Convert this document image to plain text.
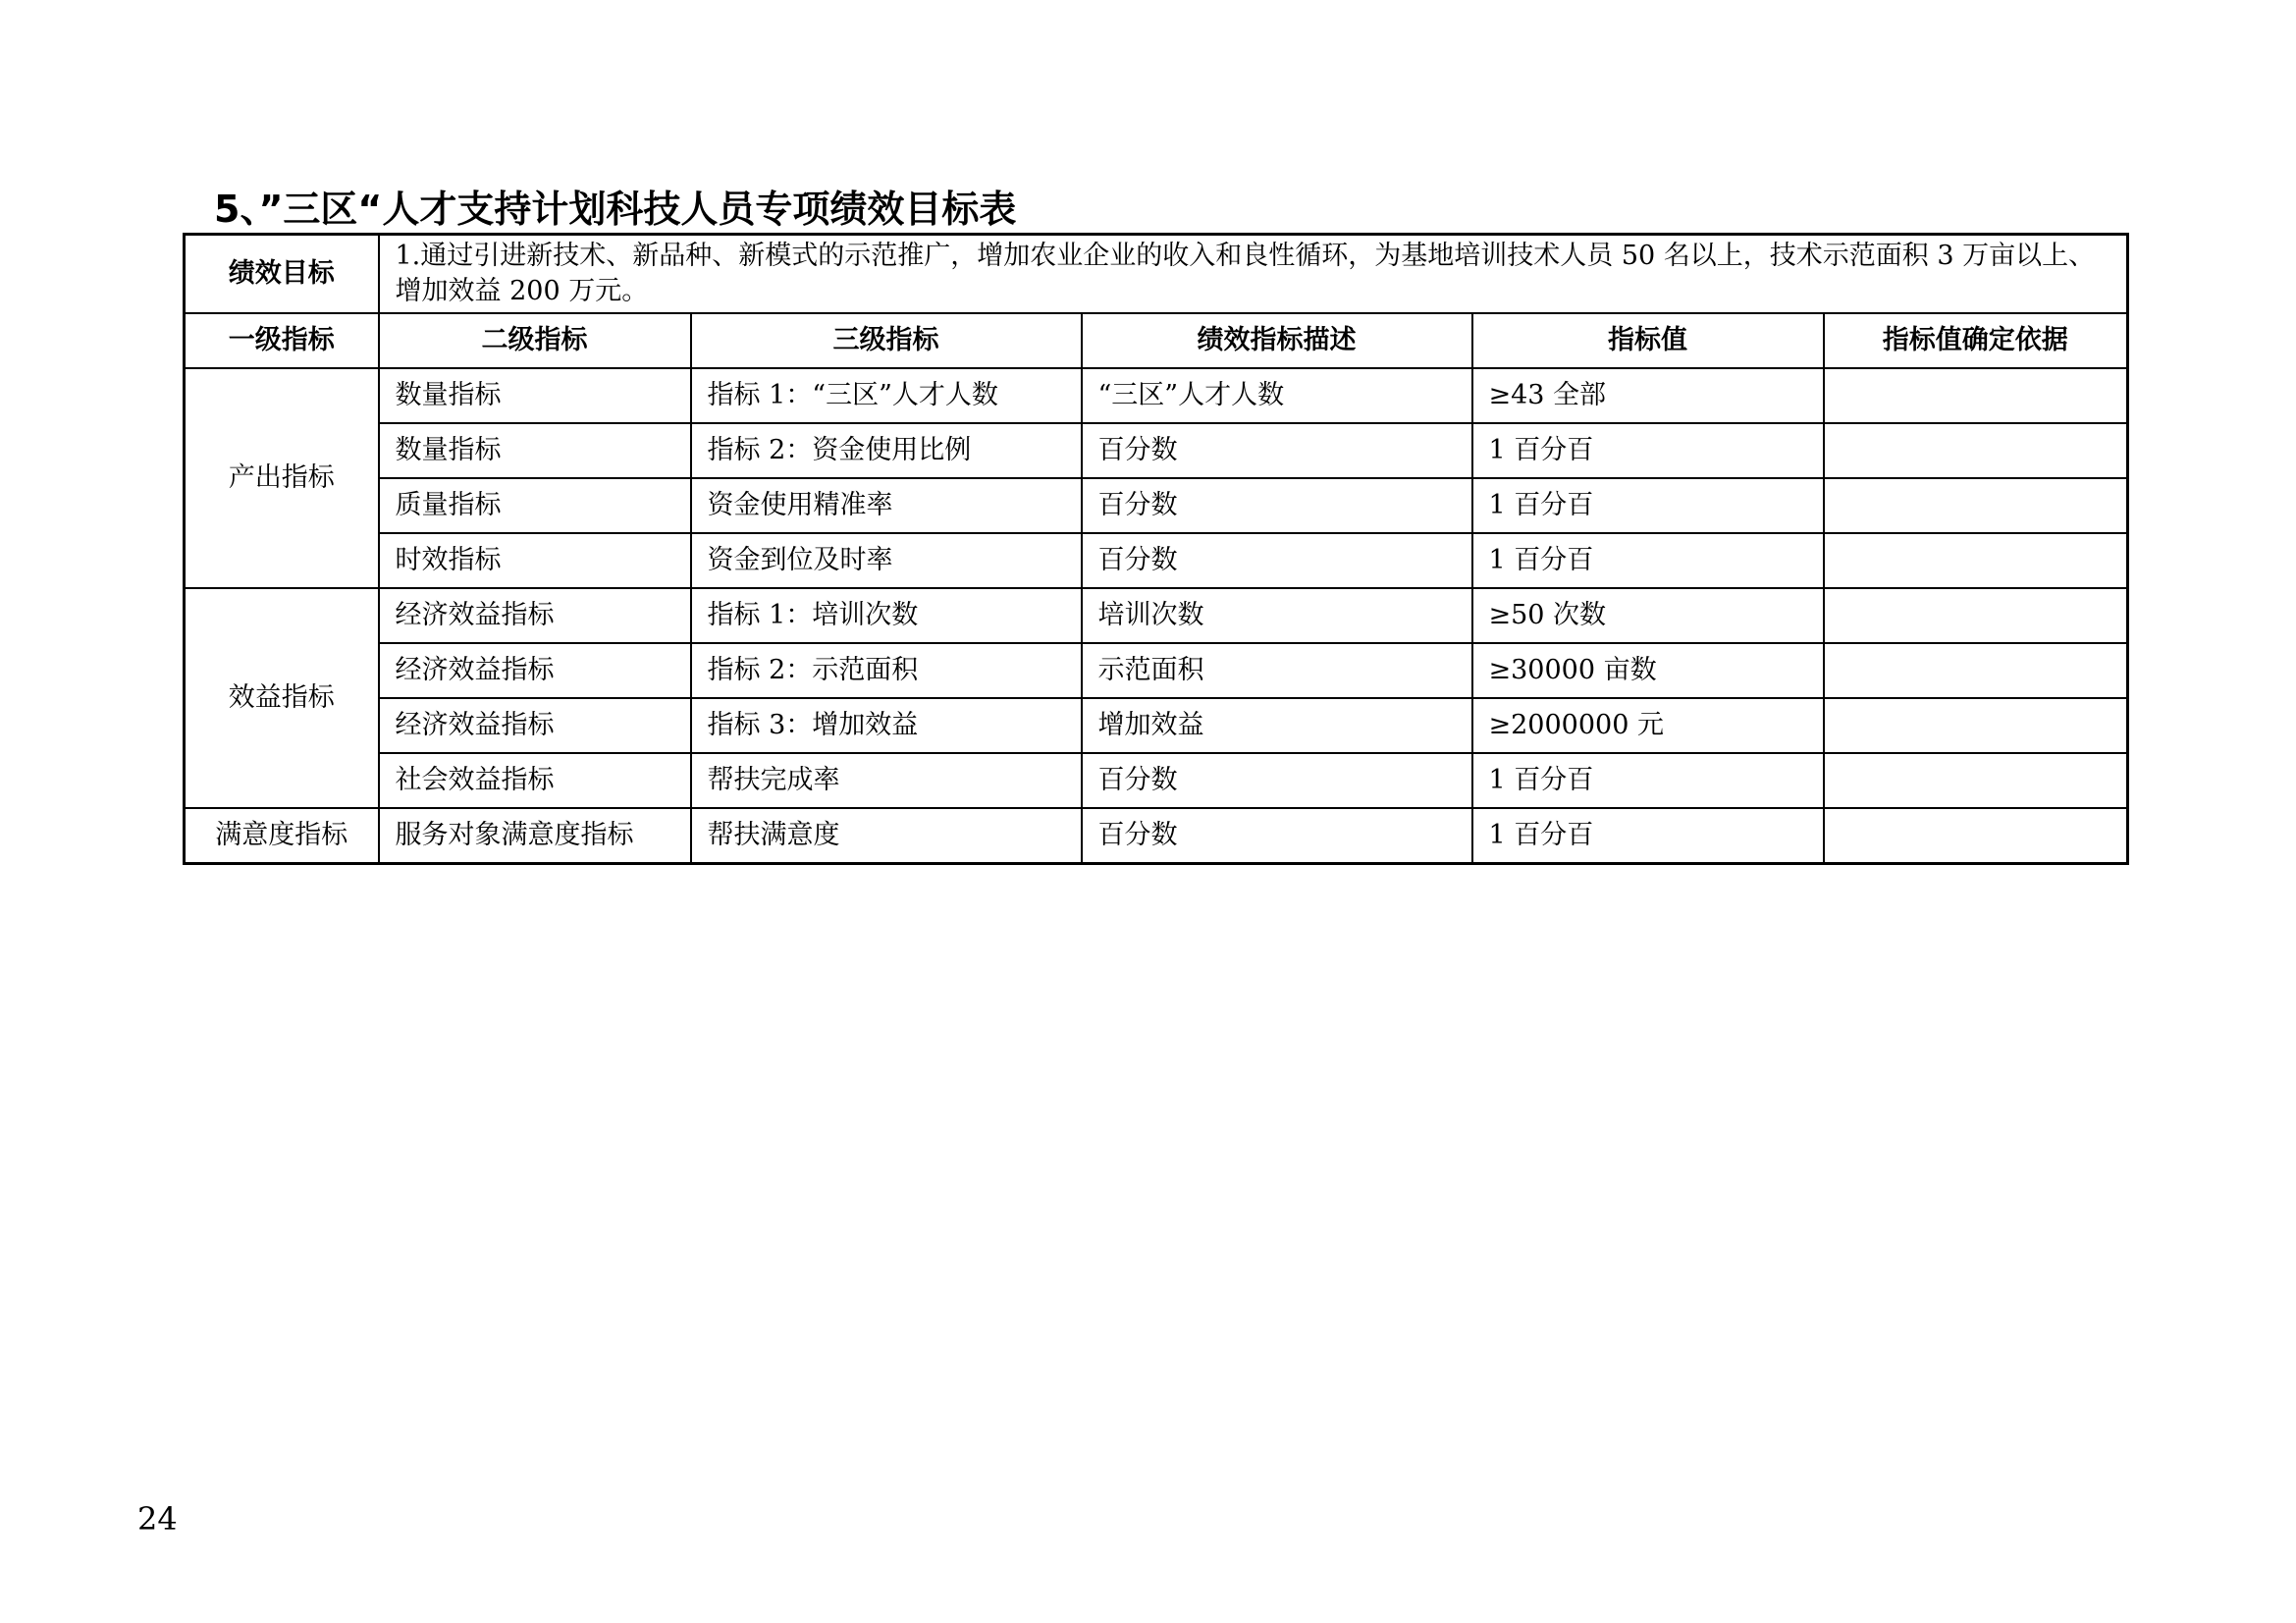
5、”三区“人才支持计划科技人员专项绩效目标表
绩效目标	1.通过引进新技术、新品种、新模式的示范推广，增加农业企业的收入和良性循环，为基地培训技术人员 50 名以上，技术示范面积 3 万亩以上、增加效益 200 万元。				
一级指标	二级指标	三级指标	绩效指标描述	指标值	指标值确定依据
产出指标	数量指标	指标 1：“三区”人才人数	“三区”人才人数	≥43 全部	
	数量指标	指标 2：资金使用比例	百分数	1 百分百	
	质量指标	资金使用精准率	百分数	1 百分百	
	时效指标	资金到位及时率	百分数	1 百分百	
效益指标	经济效益指标	指标 1：培训次数	培训次数	≥50 次数	
	经济效益指标	指标 2：示范面积	示范面积	≥30000 亩数	
	经济效益指标	指标 3：增加效益	增加效益	≥2000000 元	
	社会效益指标	帮扶完成率	百分数	1 百分百	
满意度指标	服务对象满意度指标	帮扶满意度	百分数	1 百分百	
24
